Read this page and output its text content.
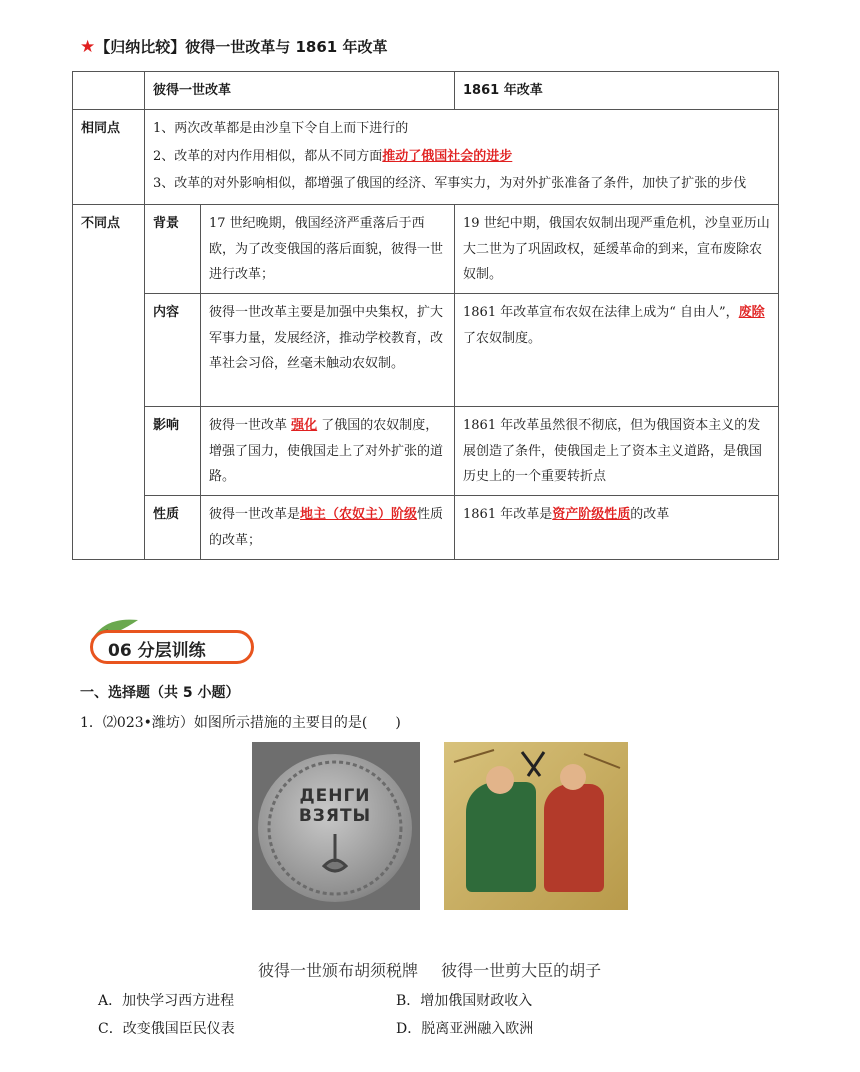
★【归纳比较】彼得一世改革与 1861 年改革
	彼得一世改革		1861 年改革
相同点	1、两次改革都是由沙皇下令自上而下进行的

2、改革的对内作用相似，都从不同方面推动了俄国社会的进步

3、改革的对外影响相似，都增强了俄国的经济、军事实力，为对外扩张准备了条件，加快了扩张的步伐		

不同点	背景	17 世纪晚期，俄国经济严重落后于西欧，为了改变俄国的落后面貌，彼得一世进行改革；	19 世纪中期，俄国农奴制出现严重危机，沙皇亚历山大二世为了巩固政权，延缓革命的到来，宣布废除农奴制。
	内容	彼得一世改革主要是加强中央集权，扩大军事力量，发展经济，推动学校教育，改革社会习俗，丝毫未触动农奴制。	1861 年改革宣布农奴在法律上成为“ 自由人”，废除了农奴制度。
	影响	彼得一世改革 强化 了俄国的农奴制度，增强了国力，使俄国走上了对外扩张的道路。	1861 年改革虽然很不彻底，但为俄国资本主义的发展创造了条件，使俄国走上了资本主义道路，是俄国历史上的一个重要转折点
	性质	彼得一世改革是地主（农奴主）阶级性质的改革；	1861 年改革是资产阶级性质的改革
06 分层训练
一、选择题（共 5 小题）
1．⑵023•潍坊）如图所示措施的主要目的是(　　)
ДЕНГИ
ВЗЯТЫ
彼得一世颁布胡须税牌 彼得一世剪大臣的胡子
A．加快学习西方进程	B．增加俄国财政收入
C．改变俄国臣民仪表	D．脱离亚洲融入欧洲
